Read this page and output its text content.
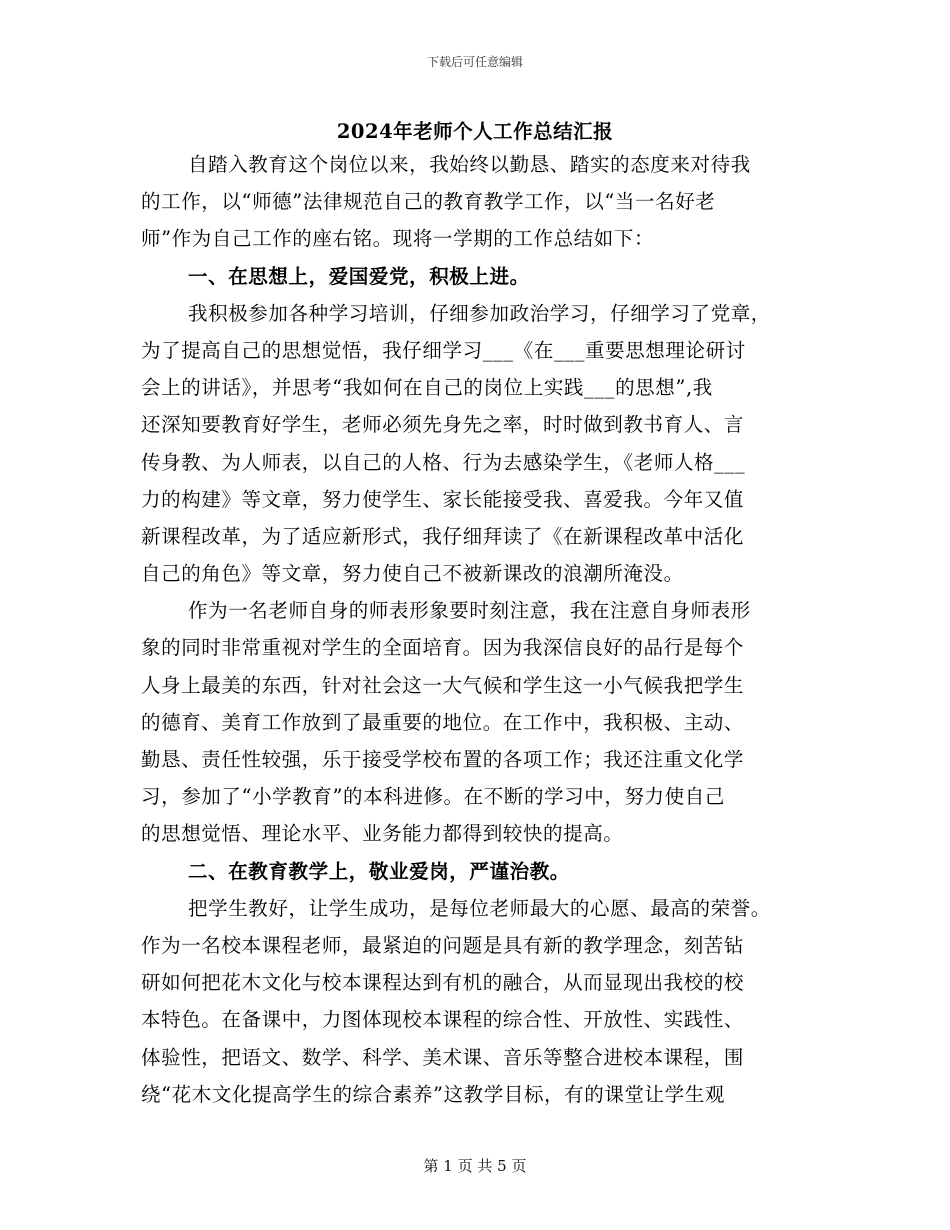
下载后可任意编辑
2024年老师个人工作总结汇报
自踏入教育这个岗位以来，我始终以勤恳、踏实的态度来对待我
的工作，以“师德”法律规范自己的教育教学工作，以“当一名好老
师”作为自己工作的座右铭。现将一学期的工作总结如下：
一、在思想上，爱国爱党，积极上进。
我积极参加各种学习培训，仔细参加政治学习，仔细学习了党章，
为了提高自己的思想觉悟，我仔细学习___《在___重要思想理论研讨
会上的讲话》，并思考“我如何在自己的岗位上实践___的思想”,我
还深知要教育好学生，老师必须先身先之率，时时做到教书育人、言
传身教、为人师表，以自己的人格、行为去感染学生，《老师人格___
力的构建》等文章，努力使学生、家长能接受我、喜爱我。今年又值
新课程改革，为了适应新形式，我仔细拜读了《在新课程改革中活化
自己的角色》等文章，努力使自己不被新课改的浪潮所淹没。
作为一名老师自身的师表形象要时刻注意，我在注意自身师表形
象的同时非常重视对学生的全面培育。因为我深信良好的品行是每个
人身上最美的东西，针对社会这一大气候和学生这一小气候我把学生
的德育、美育工作放到了最重要的地位。在工作中，我积极、主动、
勤恳、责任性较强，乐于接受学校布置的各项工作；我还注重文化学
习，参加了“小学教育”的本科进修。在不断的学习中，努力使自己
的思想觉悟、理论水平、业务能力都得到较快的提高。
二、在教育教学上，敬业爱岗，严谨治教。
把学生教好，让学生成功，是每位老师最大的心愿、最高的荣誉。
作为一名校本课程老师，最紧迫的问题是具有新的教学理念，刻苦钻
研如何把花木文化与校本课程达到有机的融合，从而显现出我校的校
本特色。在备课中，力图体现校本课程的综合性、开放性、实践性、
体验性，把语文、数学、科学、美术课、音乐等整合进校本课程，围
绕“花木文化提高学生的综合素养”这教学目标，有的课堂让学生观
第 1 页 共 5 页
